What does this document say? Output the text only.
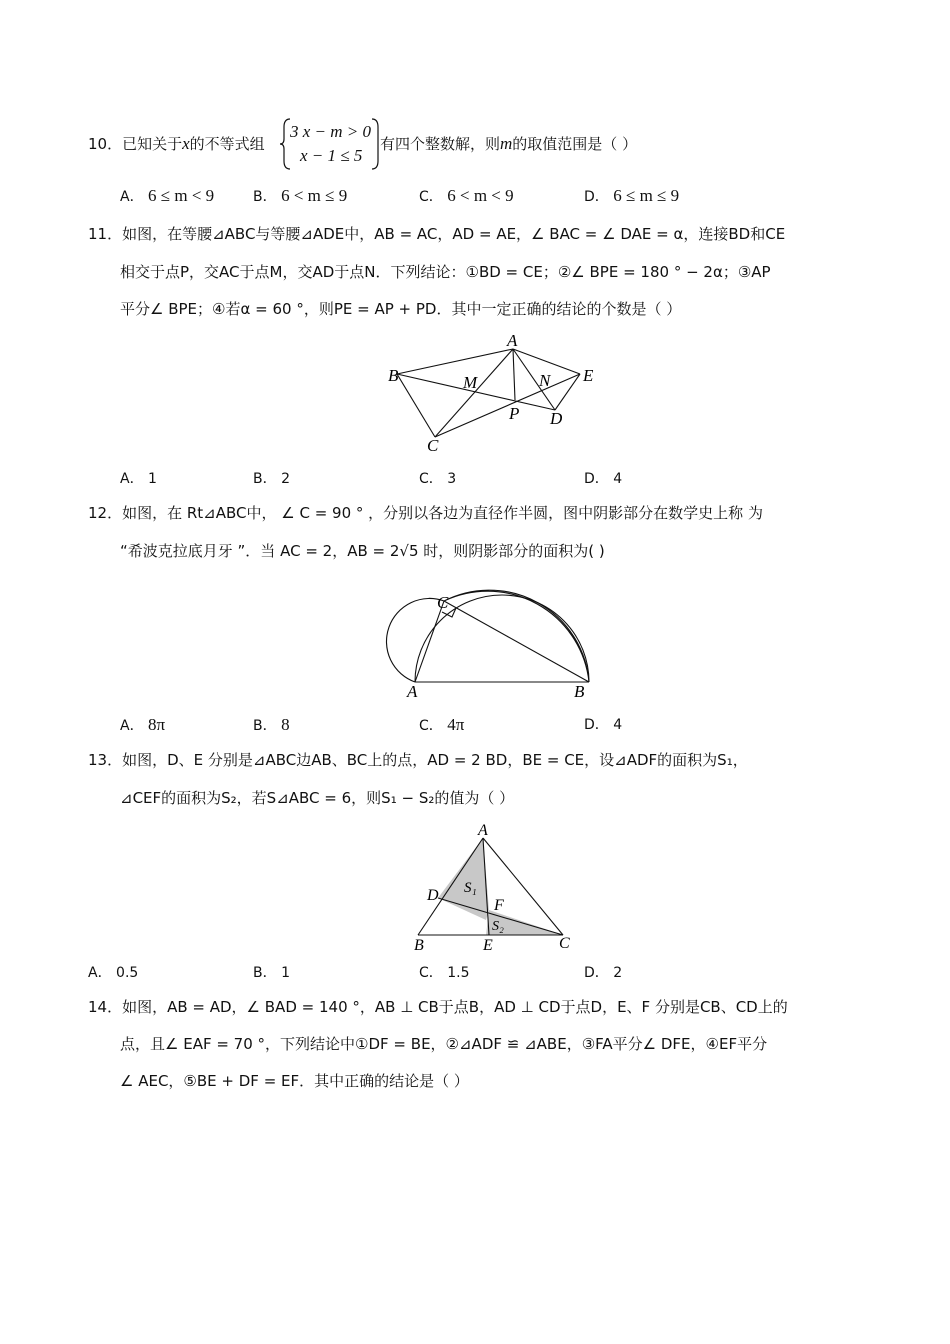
10．已知关于x的不等式组
3 x − m > 0
x − 1 ≤ 5
有四个整数解，则m的取值范围是（ ）
A． 6 ≤ m < 9	B． 6 < m ≤ 9	C． 6 < m < 9	D． 6 ≤ m ≤ 9
11．如图，在等腰⊿ABC与等腰⊿ADE中，AB = AC，AD = AE，∠ BAC = ∠ DAE = α，连接BD和CE
相交于点P，交AC于点M，交AD于点N．下列结论：①BD = CE；②∠ BPE = 180 ° − 2α；③AP
平分∠ BPE；④若α = 60 °，则PE = AP + PD．其中一定正确的结论的个数是（ ）
A
B
C
D
E
M	N
P
A． 1	B． 2	C． 3	D． 4
12．如图，在 Rt⊿ABC中， ∠ C = 90 ° ，分别以各边为直径作半圆，图中阴影部分在数学史上称 为
“希波克拉底月牙 ”．当 AC = 2，AB = 2√5 时，则阴影部分的面积为( )
A	B
C
A． 8π	B． 8	C． 4π	D． 4
13．如图，D、E 分别是⊿ABC边AB、BC上的点，AD = 2 BD，BE = CE，设⊿ADF的面积为S₁，
⊿CEF的面积为S₂，若S⊿ABC = 6，则S₁ − S₂的值为（ ）
A
B	C
D
E
F
S₁
S₂
A． 0.5	B． 1	C． 1.5	D． 2
14．如图，AB = AD，∠ BAD = 140 °，AB ⊥ CB于点B，AD ⊥ CD于点D，E、F 分别是CB、CD上的
点，且∠ EAF = 70 °，下列结论中①DF = BE，②⊿ADF ≌ ⊿ABE，③FA平分∠ DFE，④EF平分
∠ AEC，⑤BE + DF = EF．其中正确的结论是（ ）
